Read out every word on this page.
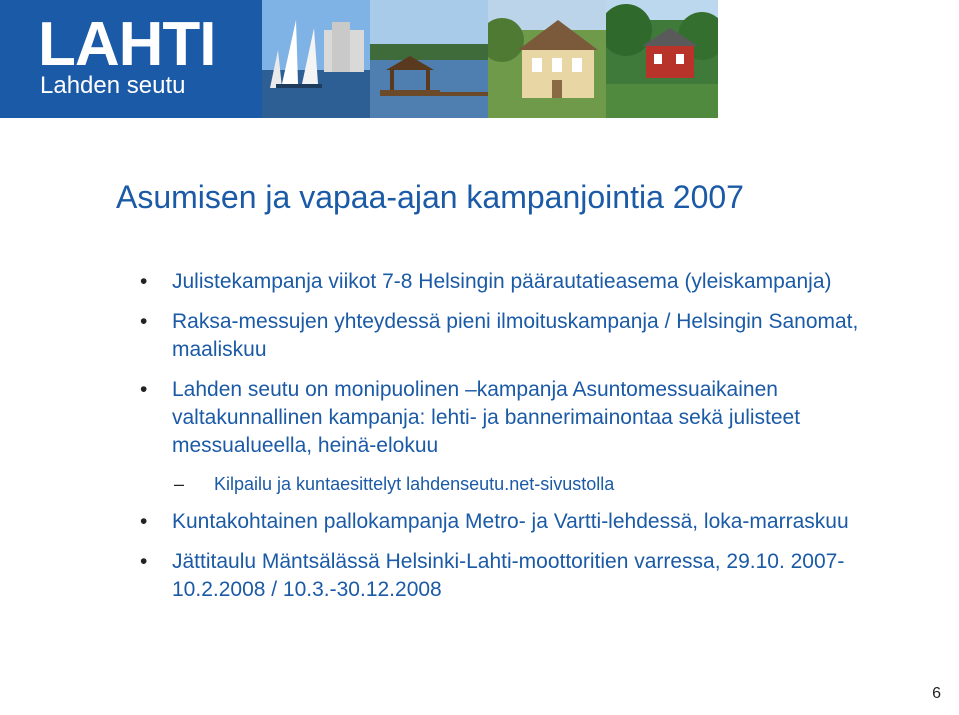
LAHTI
Lahden seutu
Asumisen ja vapaa-ajan kampanjointia 2007
• Julistekampanja viikot 7-8 Helsingin päärautatieasema (yleiskampanja)
• Raksa-messujen yhteydessä pieni ilmoituskampanja / Helsingin Sanomat, maaliskuu
• Lahden seutu on monipuolinen –kampanja Asuntomessuaikainen valtakunnallinen kampanja: lehti- ja bannerimainontaa sekä julisteet messualueella, heinä-elokuu
– Kilpailu ja kuntaesittelyt lahdenseutu.net-sivustolla
• Kuntakohtainen pallokampanja Metro- ja Vartti-lehdessä, loka-marraskuu
• Jättitaulu Mäntsälässä Helsinki-Lahti-moottoritien varressa, 29.10. 2007-10.2.2008 / 10.3.-30.12.2008
6
